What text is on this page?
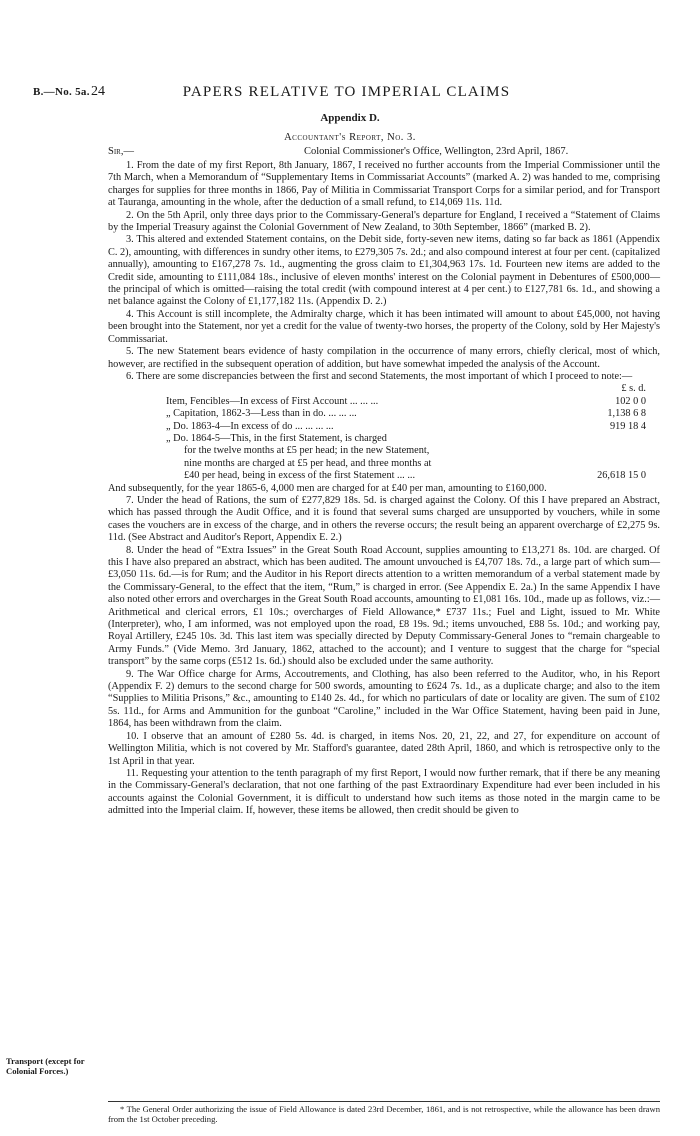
B.—No. 5a. 24	PAPERS RELATIVE TO IMPERIAL CLAIMS
Appendix D.
Accountant's Report, No. 3.
Sir,—	Colonial Commissioner's Office, Wellington, 23rd April, 1867.

1. From the date of my first Report, 8th January, 1867, I received no further accounts from the Imperial Commissioner until the 7th March, when a Memorandum of “Supplementary Items in Commissariat Accounts” (marked A. 2) was handed to me, comprising charges for supplies for three months in 1866, Pay of Militia in Commissariat Transport Corps for a similar period, and for Transport at Tauranga, amounting in the whole, after the deduction of a small refund, to £14,069 11s. 11d.

2. On the 5th April, only three days prior to the Commissary-General's departure for England, I received a “Statement of Claims by the Imperial Treasury against the Colonial Government of New Zealand, to 30th September, 1866” (marked B. 2).

3. This altered and extended Statement contains, on the Debit side, forty-seven new items, dating so far back as 1861 (Appendix C. 2), amounting, with differences in sundry other items, to £279,305 7s. 2d.; and also compound interest at four per cent. (capitalized annually), amounting to £167,278 7s. 1d., augmenting the gross claim to £1,304,963 17s. 1d. Fourteen new items are added to the Credit side, amounting to £111,084 18s., inclusive of eleven months' interest on the Colonial payment in Debentures of £500,000—the principal of which is omitted—raising the total credit (with compound interest at 4 per cent.) to £127,781 6s. 1d., and showing a net balance against the Colony of £1,177,182 11s. (Appendix D. 2.)

4. This Account is still incomplete, the Admiralty charge, which it has been intimated will amount to about £45,000, not having been brought into the Statement, nor yet a credit for the value of twenty-two horses, the property of the Colony, sold by Her Majesty's Commissariat.

5. The new Statement bears evidence of hasty compilation in the occurrence of many errors, chiefly clerical, most of which, however, are rectified in the subsequent operation of addition, but have somewhat impeded the analysis of the Account.

6. There are some discrepancies between the first and second Statements, the most important of which I proceed to note:—

	£ s. d.
Item, Fencibles—In excess of First Account ... ... ...	102 0 0
„ Capitation, 1862-3—Less than in do. ... ... ...	1,138 6 8
„ Do. 1863-4—In excess of do ... ... ... ...	919 18 4
„ Do. 1864-5—This, in the first Statement, is charged	
for the twelve months at £5 per head; in the new Statement,	
nine months are charged at £5 per head, and three months at	
£40 per head, being in excess of the first Statement ... ...	26,618 15 0

And subsequently, for the year 1865-6, 4,000 men are charged for at £40 per man, amounting to £160,000.

7. Under the head of Rations, the sum of £277,829 18s. 5d. is charged against the Colony. Of this I have prepared an Abstract, which has passed through the Audit Office, and it is found that several sums charged are unsupported by vouchers, while in some cases the vouchers are in excess of the charge, and in others the reverse occurs; the result being an apparent overcharge of £2,275 9s. 11d. (See Abstract and Auditor's Report, Appendix E. 2.)

8. Under the head of “Extra Issues” in the Great South Road Account, supplies amounting to £13,271 8s. 10d. are charged. Of this I have also prepared an abstract, which has been audited. The amount unvouched is £4,707 18s. 7d., a large part of which sum—£3,050 11s. 6d.—is for Rum; and the Auditor in his Report directs attention to a written memorandum of a verbal statement made by the Commissary-General, to the effect that the item, “Rum,” is charged in error. (See Appendix E. 2a.) In the same Appendix I have also noted other errors and overcharges in the Great South Road accounts, amounting to £1,081 16s. 10d., made up as follows, viz.:—Arithmetical and clerical errors, £1 10s.; overcharges of Field Allowance,* £737 11s.; Fuel and Light, issued to Mr. White (Interpreter), who, I am informed, was not employed upon the road, £8 19s. 9d.; items unvouched, £88 5s. 10d.; and working pay, Royal Artillery, £245 10s. 3d. This last item was specially directed by Deputy Commissary-General Jones to “remain chargeable to Army Funds.” (Vide Memo. 3rd January, 1862, attached to the account); and I venture to suggest that the charge for “special transport” by the same corps (£512 1s. 6d.) should also be excluded under the same authority.

9. The War Office charge for Arms, Accoutrements, and Clothing, has also been referred to the Auditor, who, in his Report (Appendix F. 2) demurs to the second charge for 500 swords, amounting to £624 7s. 1d., as a duplicate charge; and also to the item “Supplies to Militia Prisons,” &c., amounting to £140 2s. 4d., for which no particulars of date or locality are given. The sum of £102 5s. 11d., for Arms and Ammunition for the gunboat “Caroline,” included in the War Office Statement, having been paid in June, 1864, has been withdrawn from the claim.

10. I observe that an amount of £280 5s. 4d. is charged, in items Nos. 20, 21, 22, and 27, for expenditure on account of Wellington Militia, which is not covered by Mr. Stafford's guarantee, dated 28th April, 1860, and which is retrospective only to the 1st April in that year.

11. Requesting your attention to the tenth paragraph of my first Report, I would now further remark, that if there be any meaning in the Commissary-General's declaration, that not one farthing of the past Extraordinary Expenditure had ever been included in his accounts against the Colonial Government, it is difficult to understand how such items as those noted in the margin came to be admitted into the Imperial claim. If, however, these items be allowed, then credit should be given to

Transport (except for Colonial Forces.)
* The General Order authorizing the issue of Field Allowance is dated 23rd December, 1861, and is not retrospective, while the allowance has been drawn from the 1st October preceding.
